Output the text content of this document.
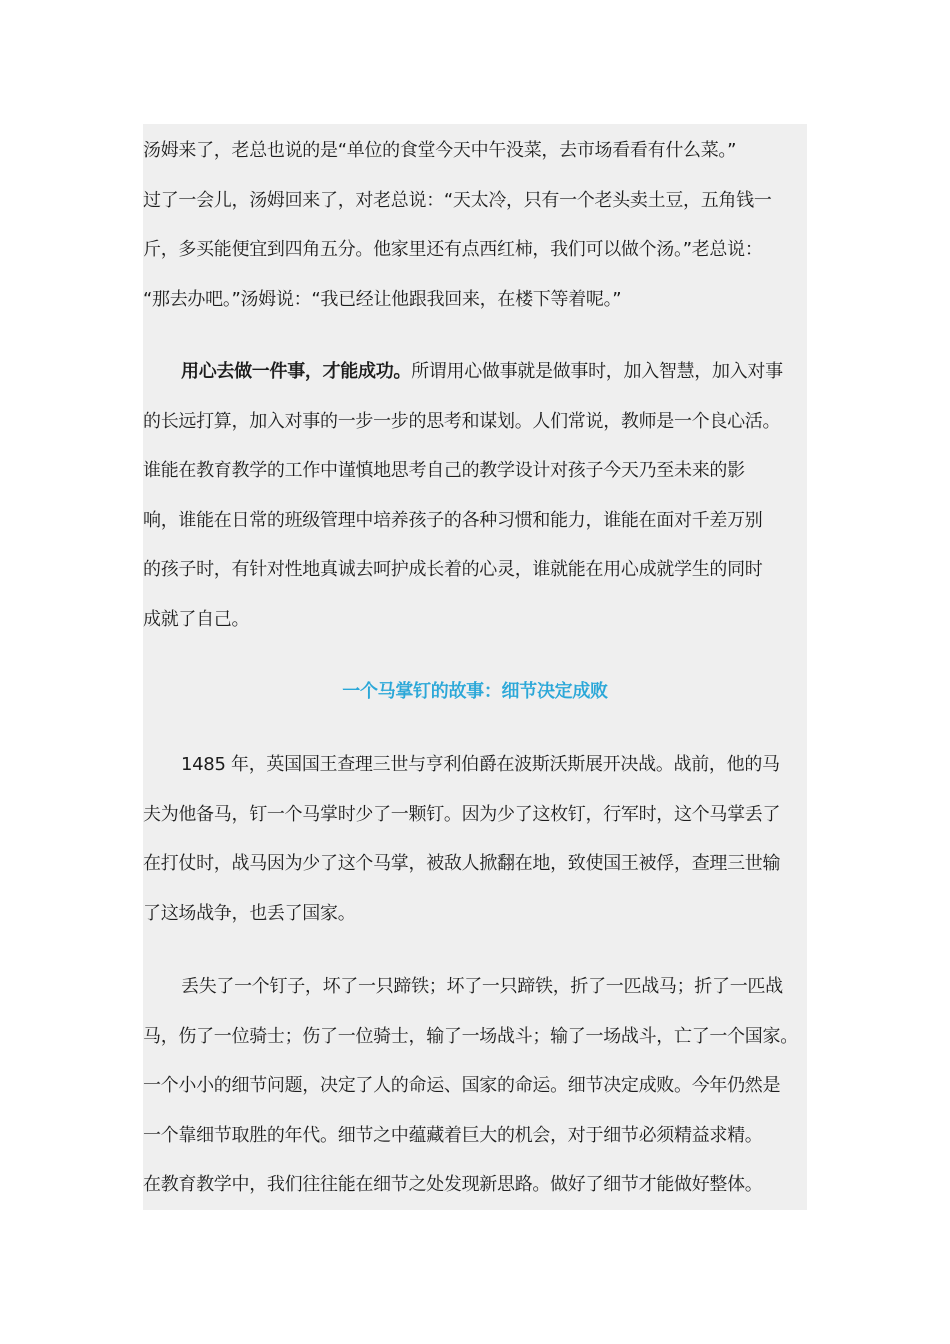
汤姆来了，老总也说的是“单位的食堂今天中午没菜，去市场看看有什么菜。”
过了一会儿，汤姆回来了，对老总说：“天太冷，只有一个老头卖土豆，五角钱一
斤，多买能便宜到四角五分。他家里还有点西红柿，我们可以做个汤。”老总说：
“那去办吧。”汤姆说：“我已经让他跟我回来，在楼下等着呢。”
用心去做一件事，才能成功。所谓用心做事就是做事时，加入智慧，加入对事
的长远打算，加入对事的一步一步的思考和谋划。人们常说，教师是一个良心活。
谁能在教育教学的工作中谨慎地思考自己的教学设计对孩子今天乃至未来的影
响，谁能在日常的班级管理中培养孩子的各种习惯和能力，谁能在面对千差万别
的孩子时，有针对性地真诚去呵护成长着的心灵，谁就能在用心成就学生的同时
成就了自己。
一个马掌钉的故事：细节决定成败
1485 年，英国国王查理三世与亨利伯爵在波斯沃斯展开决战。战前，他的马
夫为他备马，钉一个马掌时少了一颗钉。因为少了这枚钉，行军时，这个马掌丢了
在打仗时，战马因为少了这个马掌，被敌人掀翻在地，致使国王被俘，查理三世输
了这场战争，也丢了国家。
丢失了一个钉子，坏了一只蹄铁；坏了一只蹄铁，折了一匹战马；折了一匹战
马，伤了一位骑士；伤了一位骑士，输了一场战斗；输了一场战斗，亡了一个国家。
一个小小的细节问题，决定了人的命运、国家的命运。细节决定成败。今年仍然是
一个靠细节取胜的年代。细节之中蕴藏着巨大的机会，对于细节必须精益求精。
在教育教学中，我们往往能在细节之处发现新思路。做好了细节才能做好整体。
